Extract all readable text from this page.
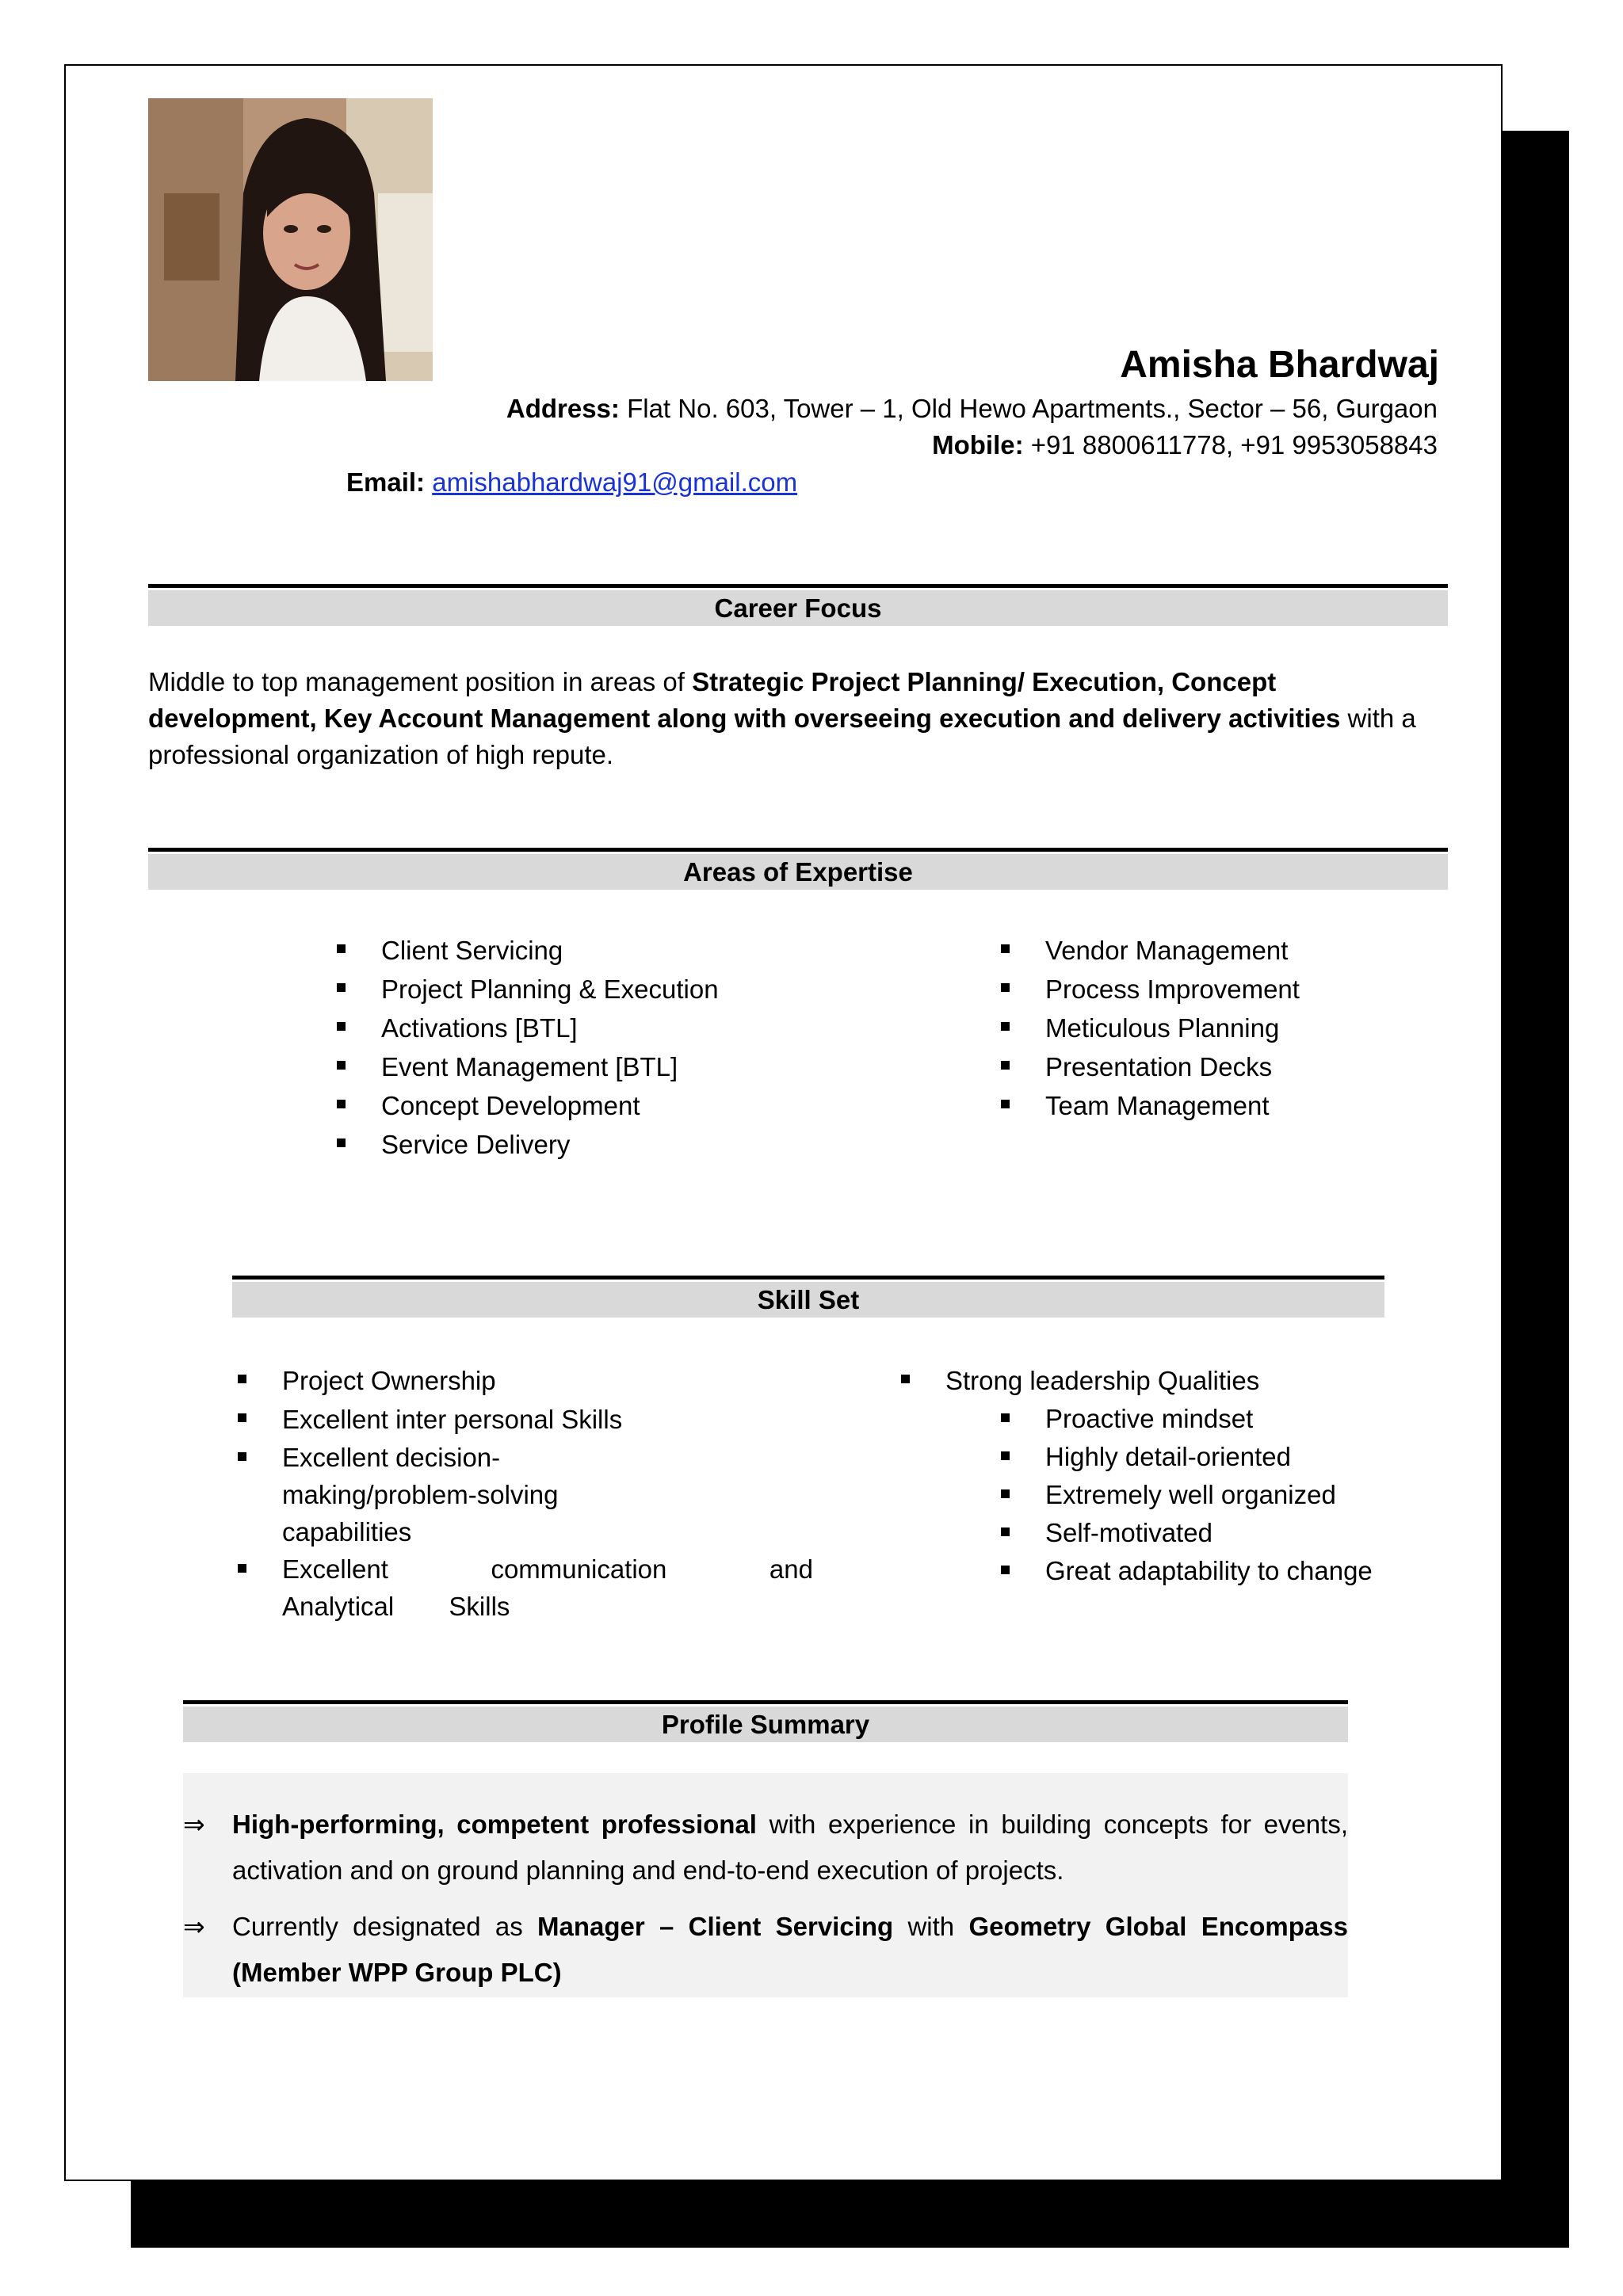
Amisha Bhardwaj
Address: Flat No. 603, Tower – 1, Old Hewo Apartments., Sector – 56, Gurgaon
Mobile: +91 8800611778, +91 9953058843
Email: amishabhardwaj91@gmail.com
Career Focus
Middle to top management position in areas of Strategic Project Planning/ Execution, Concept development, Key Account Management along with overseeing execution and delivery activities with a professional organization of high repute.
Areas of Expertise
Client Servicing
Project Planning & Execution
Activations [BTL]
Event Management [BTL]
Concept Development
Service Delivery
Vendor Management
Process Improvement
Meticulous Planning
Presentation Decks
Team Management
Skill Set
Project Ownership
Excellent inter personal Skills
Excellent decision-making/problem-solving capabilities
Excellent communication and Analytical Skills
Strong leadership Qualities
Proactive mindset
Highly detail-oriented
Extremely well organized
Self-motivated
Great adaptability to change
Profile Summary
⇒	High-performing, competent professional with experience in building concepts for events, activation and on ground planning and end-to-end execution of projects.
⇒	Currently designated as Manager – Client Servicing with Geometry Global Encompass (Member WPP Group PLC)
